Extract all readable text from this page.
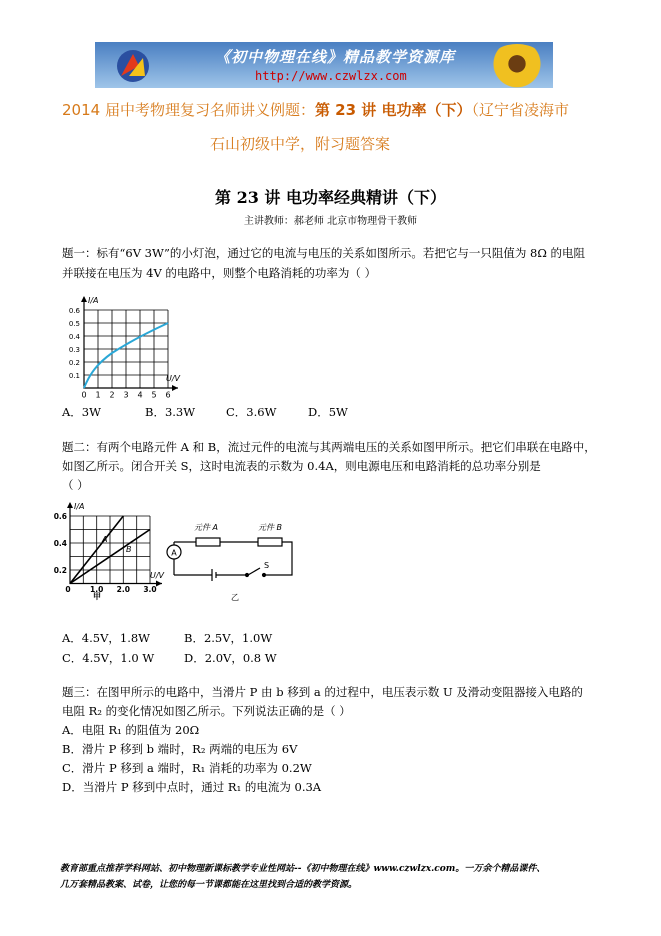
《初中物理在线》精品教学资源库
http://www.czwlzx.com
2014 届中考物理复习名师讲义例题：第 23 讲 电功率（下）（辽宁省凌海市
石山初级中学，附习题答案
第 23 讲 电功率经典精讲（下）
主讲教师：郝老师 北京市物理骨干教师
题一：标有“6V 3W”的小灯泡，通过它的电流与电压的关系如图所示。若把它与一只阻值为 8Ω 的电阻
并联接在电压为 4V 的电路中，则整个电路消耗的功率为（ ）
I/A
U/V
0.6
0.5
0.4
0.3
0.2
0.1
0 1 2 3 4 5 6
A．3W	B．3.3W	C．3.6W	D．5W
题二：有两个电路元件 A 和 B，流过元件的电流与其两端电压的关系如图甲所示。把它们串联在电路中，
如图乙所示。闭合开关 S，这时电流表的示数为 0.4A，则电源电压和电路消耗的总功率分别是
（ ）
A
B
I/A
U/V
0.6
0.4
0.2
0	1.0 2.0 3.0
甲
A
元件 A	元件 B
S
乙
A．4.5V，1.8W	B．2.5V，1.0W
C．4.5V，1.0 W	D．2.0V，0.8 W
题三：在图甲所示的电路中，当滑片 P 由 b 移到 a 的过程中，电压表示数 U 及滑动变阻器接入电路的
电阻 R₂ 的变化情况如图乙所示。下列说法正确的是（ ）
A．电阻 R₁ 的阻值为 20Ω
B．滑片 P 移到 b 端时，R₂ 两端的电压为 6V
C．滑片 P 移到 a 端时，R₁ 消耗的功率为 0.2W
D．当滑片 P 移到中点时，通过 R₁ 的电流为 0.3A
教育部重点推荐学科网站、初中物理新课标教学专业性网站--《初中物理在线》www.czwlzx.com。一万余个精品课件、
几万套精品教案、试卷，让您的每一节课都能在这里找到合适的教学资源。
